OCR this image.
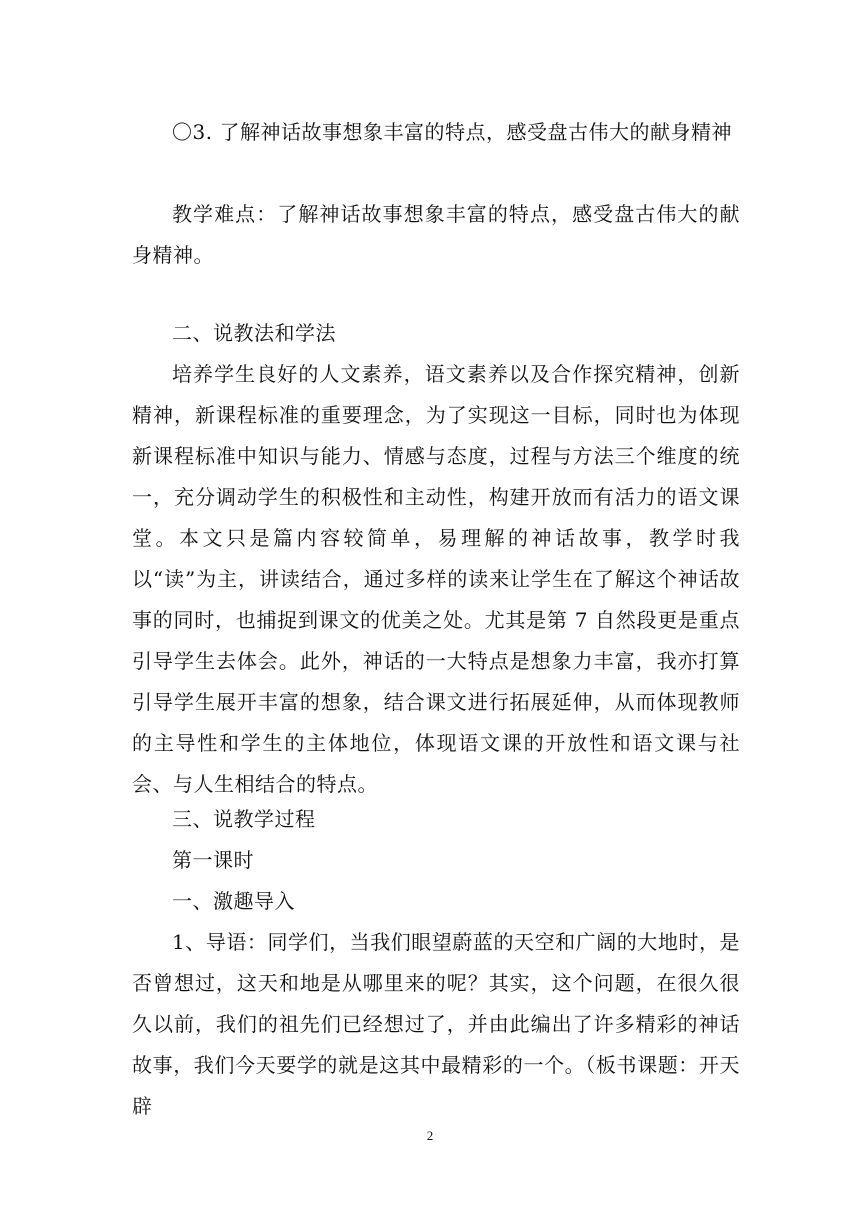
〇3. 了解神话故事想象丰富的特点，感受盘古伟大的献身精神

教学难点：了解神话故事想象丰富的特点，感受盘古伟大的献身精神。

二、说教法和学法

培养学生良好的人文素养，语文素养以及合作探究精神，创新精神，新课程标准的重要理念，为了实现这一目标，同时也为体现新课程标准中知识与能力、情感与态度，过程与方法三个维度的统一，充分调动学生的积极性和主动性，构建开放而有活力的语文课堂。本文只是篇内容较简单，易理解的神话故事，教学时我以“读”为主，讲读结合，通过多样的读来让学生在了解这个神话故事的同时，也捕捉到课文的优美之处。尤其是第 7 自然段更是重点引导学生去体会。此外，神话的一大特点是想象力丰富，我亦打算引导学生展开丰富的想象，结合课文进行拓展延伸，从而体现教师的主导性和学生的主体地位，体现语文课的开放性和语文课与社会、与人生相结合的特点。

三、说教学过程

第一课时

一、激趣导入

1、导语：同学们，当我们眼望蔚蓝的天空和广阔的大地时，是否曾想过，这天和地是从哪里来的呢？其实，这个问题，在很久很久以前，我们的祖先们已经想过了，并由此编出了许多精彩的神话故事，我们今天要学的就是这其中最精彩的一个。（板书课题：开天辟

2
